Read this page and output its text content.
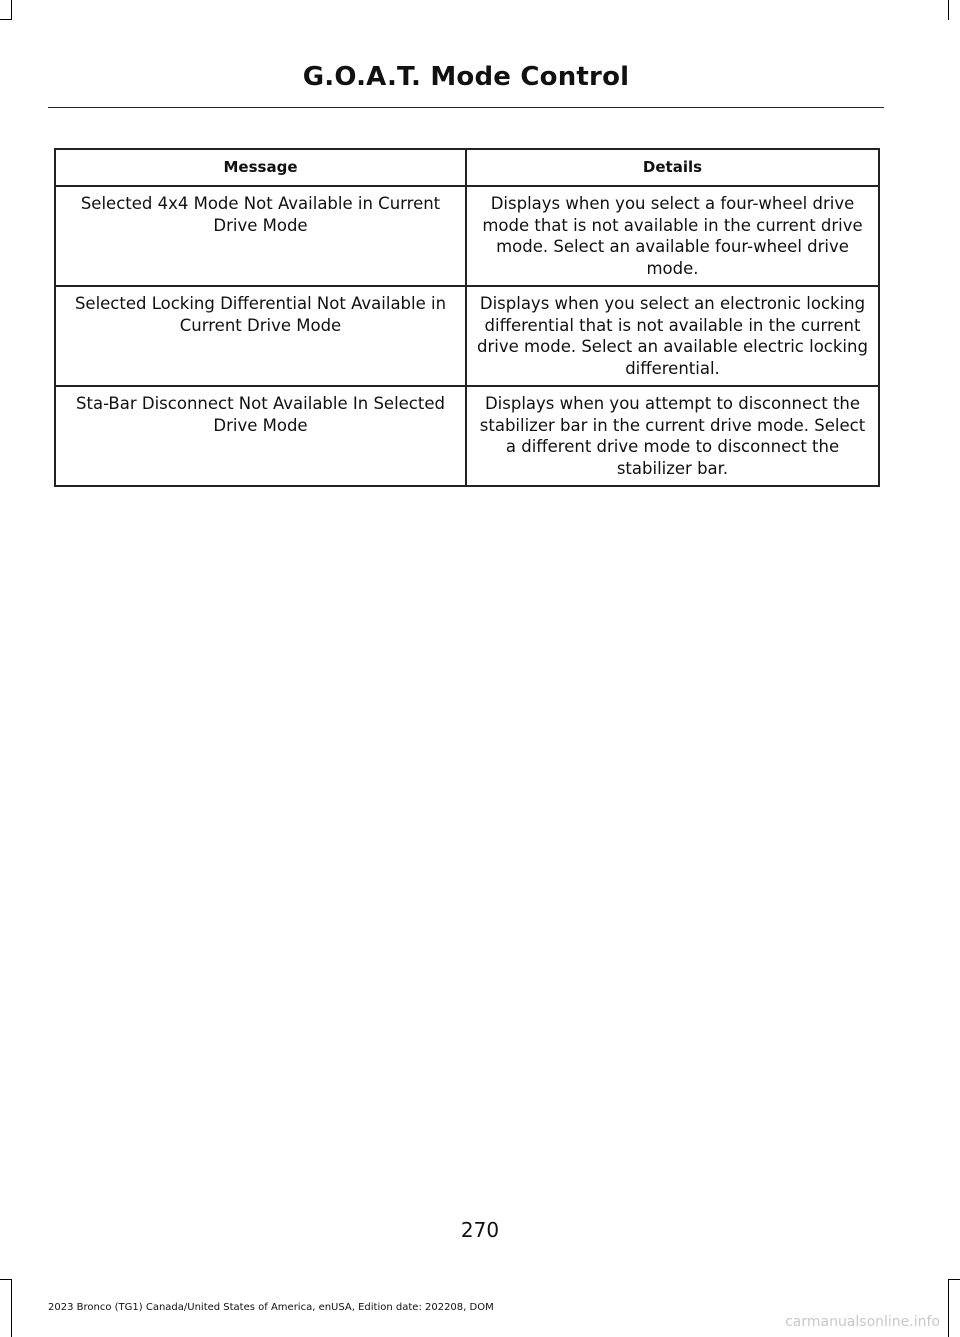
G.O.A.T. Mode Control
Message	Details
Selected 4x4 Mode Not Available in Current Drive Mode	Displays when you select a four-wheel drive mode that is not available in the current drive mode. Select an available four-wheel drive mode.
Selected Locking Differential Not Available in Current Drive Mode	Displays when you select an electronic locking differential that is not available in the current drive mode. Select an available electric locking differential.
Sta-Bar Disconnect Not Available In Selected Drive Mode	Displays when you attempt to disconnect the stabilizer bar in the current drive mode. Select a different drive mode to disconnect the stabilizer bar.
270
2023 Bronco (TG1) Canada/United States of America, enUSA, Edition date: 202208, DOM
carmanualsonline.info
